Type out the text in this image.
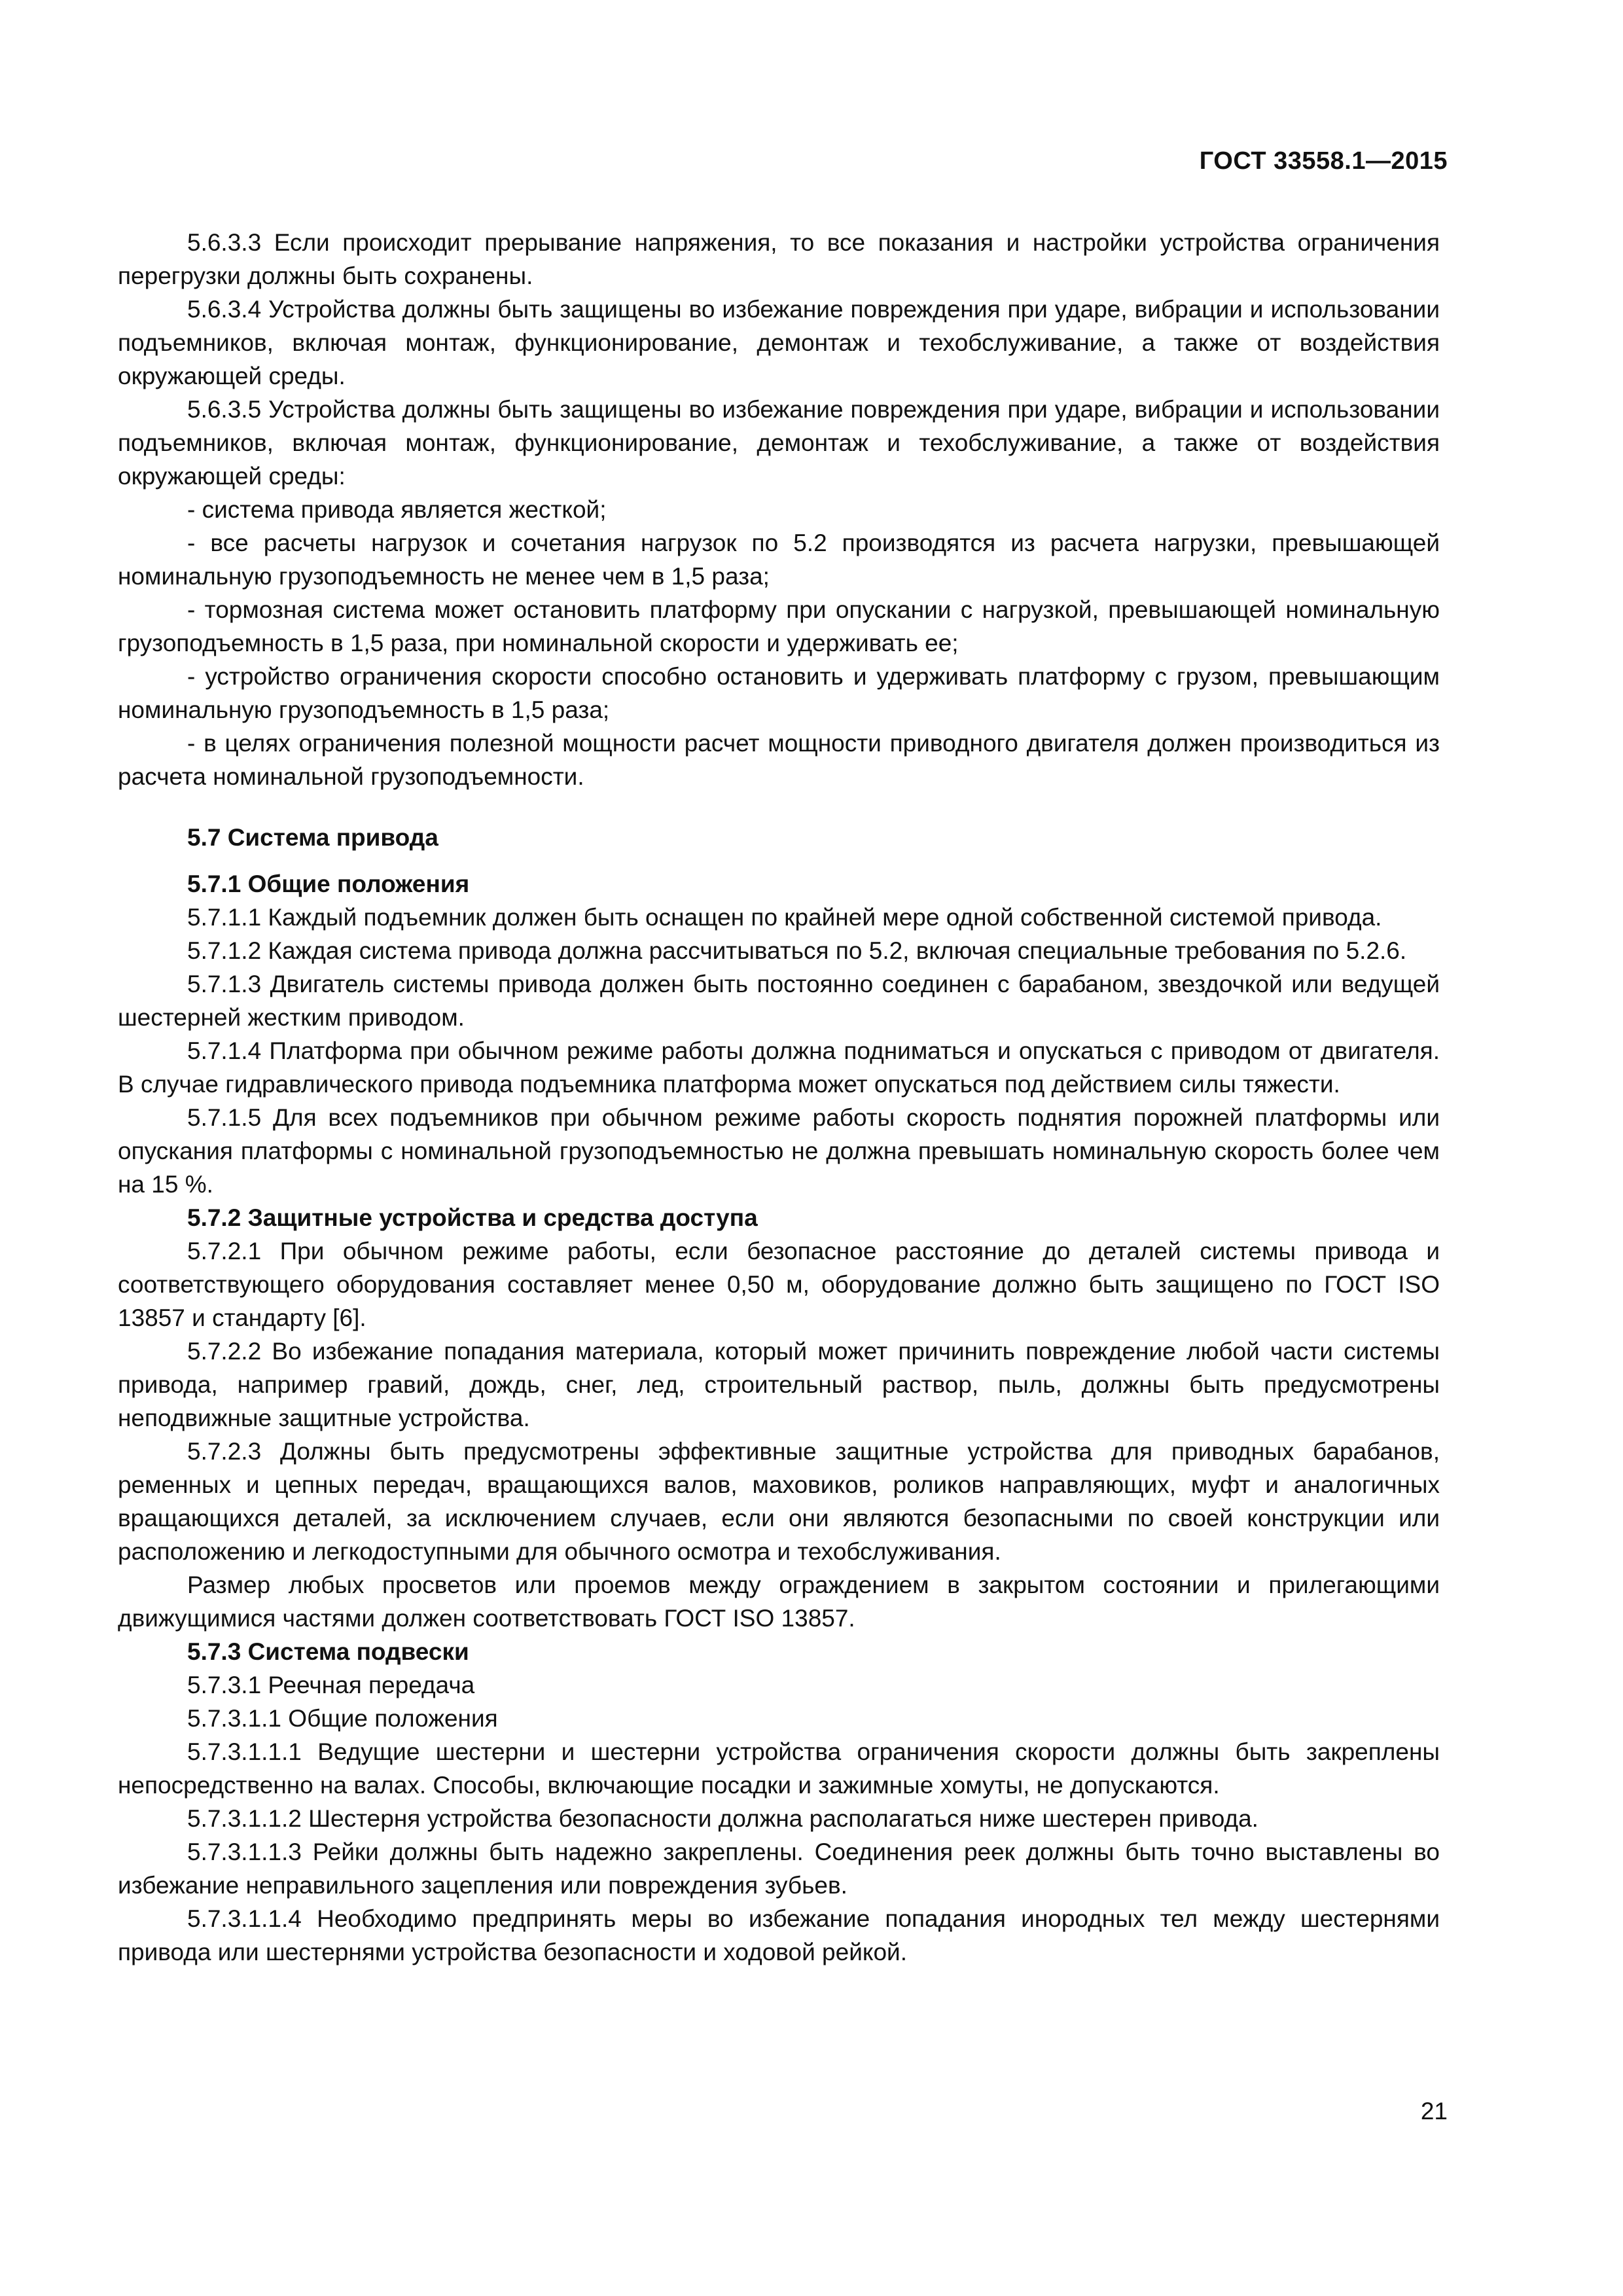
ГОСТ 33558.1—2015

5.6.3.3 Если происходит прерывание напряжения, то все показания и настройки устройства ограничения перегрузки должны быть сохранены.

5.6.3.4 Устройства должны быть защищены во избежание повреждения при ударе, вибрации и использовании подъемников, включая монтаж, функционирование, демонтаж и техобслуживание, а также от воздействия окружающей среды.

5.6.3.5 Устройства должны быть защищены во избежание повреждения при ударе, вибрации и использовании подъемников, включая монтаж, функционирование, демонтаж и техобслуживание, а также от воздействия окружающей среды:

- система привода является жесткой;

- все расчеты нагрузок и сочетания нагрузок по 5.2 производятся из расчета нагрузки, превышающей номинальную грузоподъемность не менее чем в 1,5 раза;

- тормозная система может остановить платформу при опускании с нагрузкой, превышающей номинальную грузоподъемность в 1,5 раза, при номинальной скорости и удерживать ее;

- устройство ограничения скорости способно остановить и удерживать платформу с грузом, превышающим номинальную грузоподъемность в 1,5 раза;

- в целях ограничения полезной мощности расчет мощности приводного двигателя должен производиться из расчета номинальной грузоподъемности.

5.7 Система привода
5.7.1 Общие положения

5.7.1.1 Каждый подъемник должен быть оснащен по крайней мере одной собственной системой привода.

5.7.1.2 Каждая система привода должна рассчитываться по 5.2, включая специальные требования по 5.2.6.

5.7.1.3 Двигатель системы привода должен быть постоянно соединен с барабаном, звездочкой или ведущей шестерней жестким приводом.

5.7.1.4 Платформа при обычном режиме работы должна подниматься и опускаться с приводом от двигателя. В случае гидравлического привода подъемника платформа может опускаться под действием силы тяжести.

5.7.1.5 Для всех подъемников при обычном режиме работы скорость поднятия порожней платформы или опускания платформы с номинальной грузоподъемностью не должна превышать номинальную скорость более чем на 15 %.

5.7.2 Защитные устройства и средства доступа

5.7.2.1 При обычном режиме работы, если безопасное расстояние до деталей системы привода и соответствующего оборудования составляет менее 0,50 м, оборудование должно быть защищено по ГОСТ ISO 13857 и стандарту [6].

5.7.2.2 Во избежание попадания материала, который может причинить повреждение любой части системы привода, например гравий, дождь, снег, лед, строительный раствор, пыль, должны быть предусмотрены неподвижные защитные устройства.

5.7.2.3 Должны быть предусмотрены эффективные защитные устройства для приводных барабанов, ременных и цепных передач, вращающихся валов, маховиков, роликов направляющих, муфт и аналогичных вращающихся деталей, за исключением случаев, если они являются безопасными по своей конструкции или расположению и легкодоступными для обычного осмотра и техобслуживания.

Размер любых просветов или проемов между ограждением в закрытом состоянии и прилегающими движущимися частями должен соответствовать ГОСТ ISO 13857.

5.7.3 Система подвески

5.7.3.1 Реечная передача

5.7.3.1.1 Общие положения

5.7.3.1.1.1 Ведущие шестерни и шестерни устройства ограничения скорости должны быть закреплены непосредственно на валах. Способы, включающие посадки и зажимные хомуты, не допускаются.

5.7.3.1.1.2 Шестерня устройства безопасности должна располагаться ниже шестерен привода.

5.7.3.1.1.3 Рейки должны быть надежно закреплены. Соединения реек должны быть точно выставлены во избежание неправильного зацепления или повреждения зубьев.

5.7.3.1.1.4 Необходимо предпринять меры во избежание попадания инородных тел между шестернями привода или шестернями устройства безопасности и ходовой рейкой.

21
